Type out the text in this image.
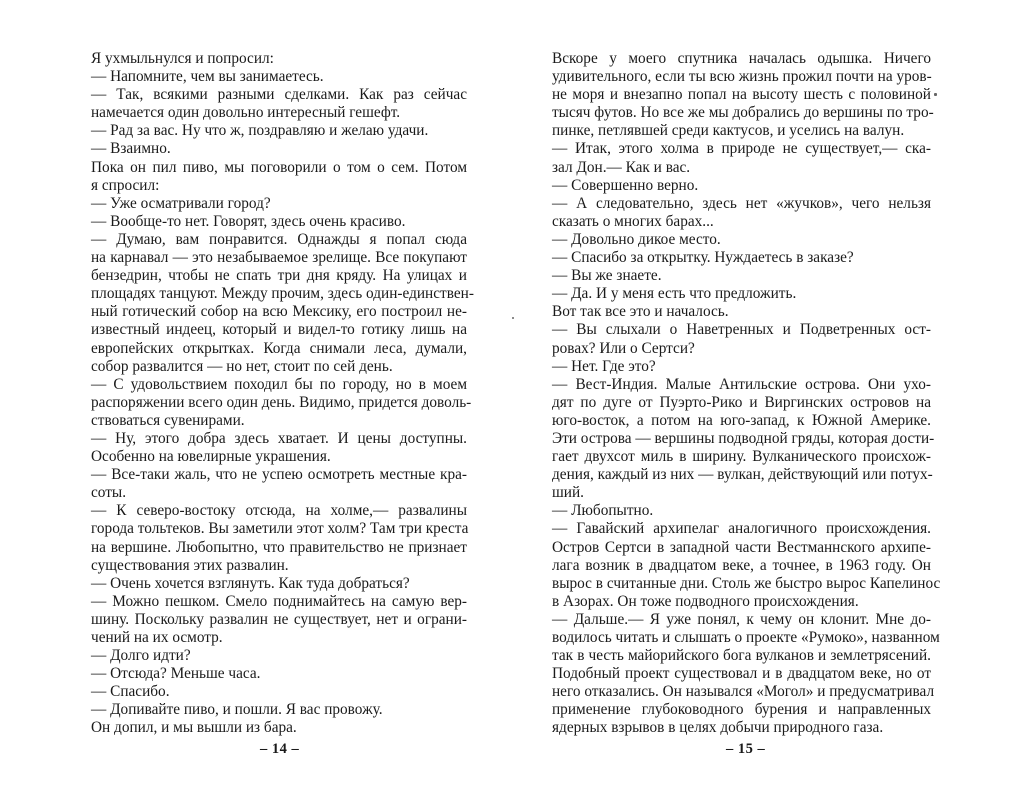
Я ухмыльнулся и попросил:
— Напомните, чем вы занимаетесь.
— Так, всякими разными сделками. Как раз сейчас
намечается один довольно интересный гешефт.
— Рад за вас. Ну что ж, поздравляю и желаю удачи.
— Взаимно.
Пока он пил пиво, мы поговорили о том о сем. Потом
я спросил:
— Уже осматривали город?
— Вообще-то нет. Говорят, здесь очень красиво.
— Думаю, вам понравится. Однажды я попал сюда
на карнавал — это незабываемое зрелище. Все покупают
бензедрин, чтобы не спать три дня кряду. На улицах и
площадях танцуют. Между прочим, здесь один-единствен-
ный готический собор на всю Мексику, его построил не-
известный индеец, который и видел-то готику лишь на
европейских открытках. Когда снимали леса, думали,
собор развалится — но нет, стоит по сей день.
— С удовольствием походил бы по городу, но в моем
распоряжении всего один день. Видимо, придется доволь-
ствоваться сувенирами.
— Ну, этого добра здесь хватает. И цены доступны.
Особенно на ювелирные украшения.
— Все-таки жаль, что не успею осмотреть местные кра-
соты.
— К северо-востоку отсюда, на холме,— развалины
города тольтеков. Вы заметили этот холм? Там три креста
на вершине. Любопытно, что правительство не признает
существования этих развалин.
— Очень хочется взглянуть. Как туда добраться?
— Можно пешком. Смело поднимайтесь на самую вер-
шину. Поскольку развалин не существует, нет и ограни-
чений на их осмотр.
— Долго идти?
— Отсюда? Меньше часа.
— Спасибо.
— Допивайте пиво, и пошли. Я вас провожу.
Он допил, и мы вышли из бара.
– 14 –
Вскоре у моего спутника началась одышка. Ничего
удивительного, если ты всю жизнь прожил почти на уров-
не моря и внезапно попал на высоту шесть с половиной
тысяч футов. Но все же мы добрались до вершины по тро-
пинке, петлявшей среди кактусов, и уселись на валун.
— Итак, этого холма в природе не существует,— ска-
зал Дон.— Как и вас.
— Совершенно верно.
— А следовательно, здесь нет «жучков», чего нельзя
сказать о многих барах...
— Довольно дикое место.
— Спасибо за открытку. Нуждаетесь в заказе?
— Вы же знаете.
— Да. И у меня есть что предложить.
Вот так все это и началось.
— Вы слыхали о Наветренных и Подветренных ост-
ровах? Или о Сертси?
— Нет. Где это?
— Вест-Индия. Малые Антильские острова. Они ухо-
дят по дуге от Пуэрто-Рико и Виргинских островов на
юго-восток, а потом на юго-запад, к Южной Америке.
Эти острова — вершины подводной гряды, которая дости-
гает двухсот миль в ширину. Вулканического происхож-
дения, каждый из них — вулкан, действующий или потух-
ший.
— Любопытно.
— Гавайский архипелаг аналогичного происхождения.
Остров Сертси в западной части Вестманнского архипе-
лага возник в двадцатом веке, а точнее, в 1963 году. Он
вырос в считанные дни. Столь же быстро вырос Капелинос
в Азорах. Он тоже подводного происхождения.
— Дальше.— Я уже понял, к чему он клонит. Мне до-
водилось читать и слышать о проекте «Румоко», названном
так в честь майорийского бога вулканов и землетрясений.
Подобный проект существовал и в двадцатом веке, но от
него отказались. Он назывался «Могол» и предусматривал
применение глубоководного бурения и направленных
ядерных взрывов в целях добычи природного газа.
– 15 –
